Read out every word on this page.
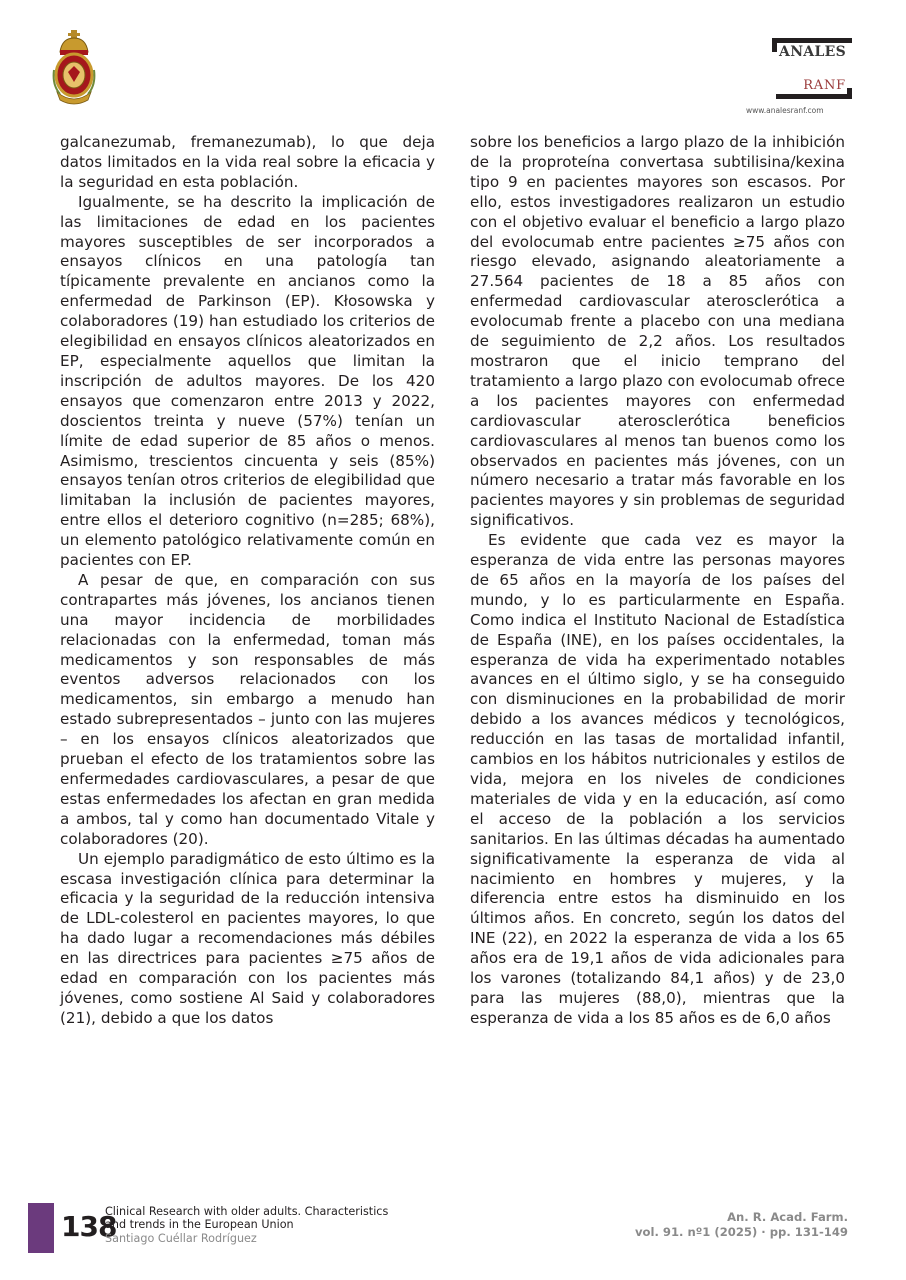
ANALES
RANF
www.analesranf.com

galcanezumab, fremanezumab), lo que deja datos limitados en la vida real sobre la eficacia y la seguridad en esta población.

Igualmente, se ha descrito la implicación de las limitaciones de edad en los pacientes mayores susceptibles de ser incorporados a ensayos clínicos en una patología tan típicamente prevalente en ancianos como la enfermedad de Parkinson (EP). Kłosowska y colaboradores (19) han estudiado los criterios de elegibilidad en ensayos clínicos aleatorizados en EP, especialmente aquellos que limitan la inscripción de adultos mayores. De los 420 ensayos que comenzaron entre 2013 y 2022, doscientos treinta y nueve (57%) tenían un límite de edad superior de 85 años o menos. Asimismo, trescientos cincuenta y seis (85%) ensayos tenían otros criterios de elegibilidad que limitaban la inclusión de pacientes mayores, entre ellos el deterioro cognitivo (n=285; 68%), un elemento patológico relativamente común en pacientes con EP.

A pesar de que, en comparación con sus contrapartes más jóvenes, los ancianos tienen una mayor incidencia de morbilidades relacionadas con la enfermedad, toman más medicamentos y son responsables de más eventos adversos relacionados con los medicamentos, sin embargo a menudo han estado subrepresentados – junto con las mujeres – en los ensayos clínicos aleatorizados que prueban el efecto de los tratamientos sobre las enfermedades cardiovasculares, a pesar de que estas enfermedades los afectan en gran medida a ambos, tal y como han documentado Vitale y colaboradores (20).

Un ejemplo paradigmático de esto último es la escasa investigación clínica para determinar la eficacia y la seguridad de la reducción intensiva de LDL-colesterol en pacientes mayores, lo que ha dado lugar a recomendaciones más débiles en las directrices para pacientes ≥75 años de edad en comparación con los pacientes más jóvenes, como sostiene Al Said y colaboradores (21), debido a que los datos

sobre los beneficios a largo plazo de la inhibición de la proproteína convertasa subtilisina/kexina tipo 9 en pacientes mayores son escasos. Por ello, estos investigadores realizaron un estudio con el objetivo evaluar el beneficio a largo plazo del evolocumab entre pacientes ≥75 años con riesgo elevado, asignando aleatoriamente a 27.564 pacientes de 18 a 85 años con enfermedad cardiovascular aterosclerótica a evolocumab frente a placebo con una mediana de seguimiento de 2,2 años. Los resultados mostraron que el inicio temprano del tratamiento a largo plazo con evolocumab ofrece a los pacientes mayores con enfermedad cardiovascular aterosclerótica beneficios cardiovasculares al menos tan buenos como los observados en pacientes más jóvenes, con un número necesario a tratar más favorable en los pacientes mayores y sin problemas de seguridad significativos.

Es evidente que cada vez es mayor la esperanza de vida entre las personas mayores de 65 años en la mayoría de los países del mundo, y lo es particularmente en España. Como indica el Instituto Nacional de Estadística de España (INE), en los países occidentales, la esperanza de vida ha experimentado notables avances en el último siglo, y se ha conseguido con disminuciones en la probabilidad de morir debido a los avances médicos y tecnológicos, reducción en las tasas de mortalidad infantil, cambios en los hábitos nutricionales y estilos de vida, mejora en los niveles de condiciones materiales de vida y en la educación, así como el acceso de la población a los servicios sanitarios. En las últimas décadas ha aumentado significativamente la esperanza de vida al nacimiento en hombres y mujeres, y la diferencia entre estos ha disminuido en los últimos años. En concreto, según los datos del INE (22), en 2022 la esperanza de vida a los 65 años era de 19,1 años de vida adicionales para los varones (totalizando 84,1 años) y de 23,0 para las mujeres (88,0), mientras que la esperanza de vida a los 85 años es de 6,0 años

138
Clinical Research with older adults. Characteristics
and trends in the European Union
Santiago Cuéllar Rodríguez
An. R. Acad. Farm.
vol. 91. nº1 (2025) · pp. 131-149
